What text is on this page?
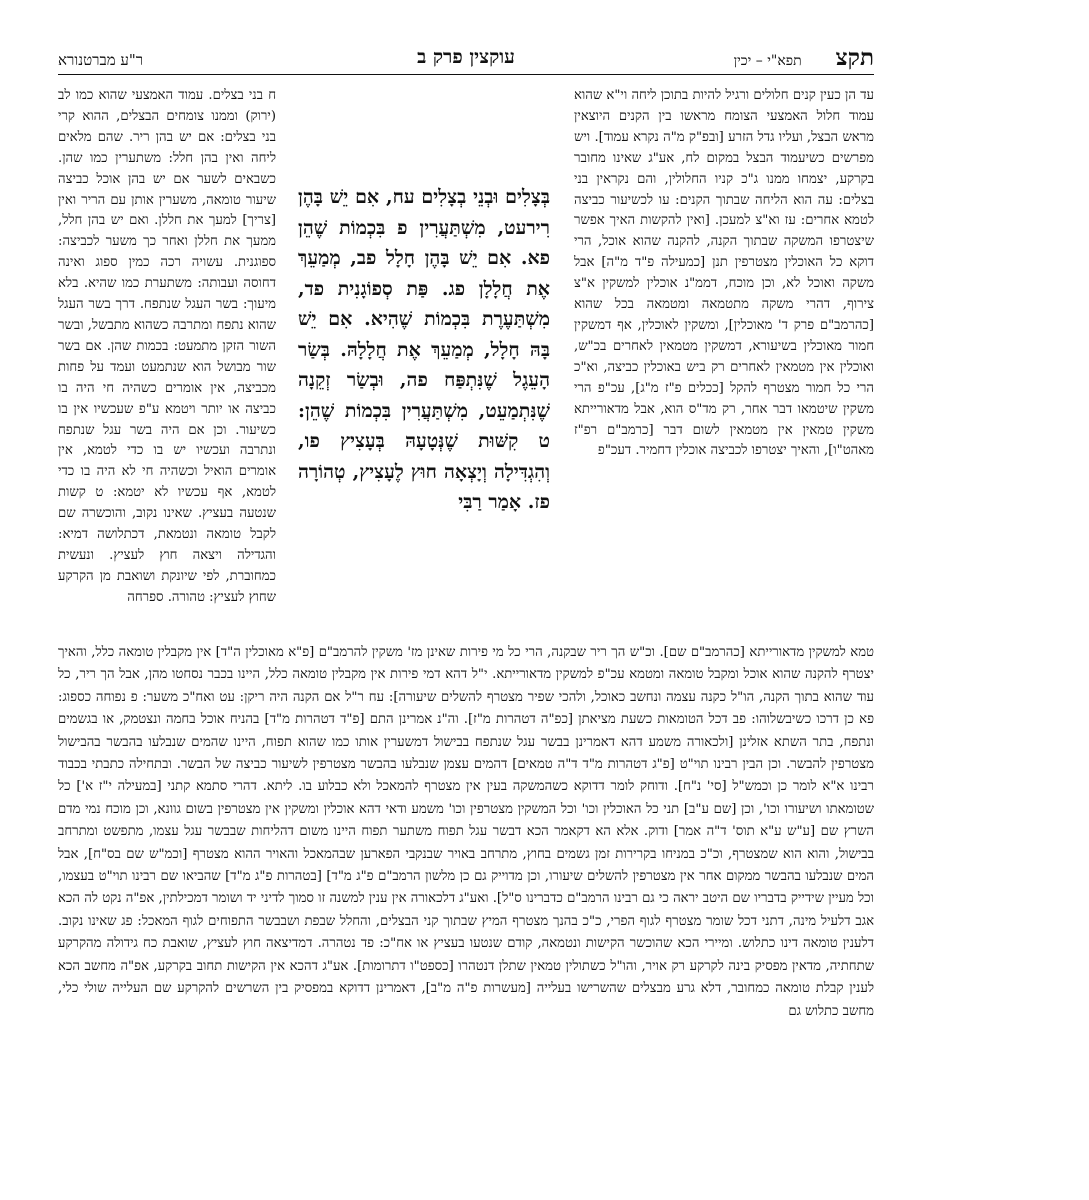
תקצ
תפא"י – יכין
עוקצין פרק ב
ר"ע מברטנורא

עד הן כעין קנים חלולים ורגיל להיות בתוכן ליחה וי"א שהוא עמוד חלול האמצעי הצומח מראשו בין הקנים היוצאין מראש הבצל, ועליו גדל הזרע [ובפ"ק מ"ה נקרא עמוד]. ויש מפרשים כשיעמוד הבצל במקום לח, אע"ג שאינו מחובר בקרקע, יצמחו ממנו ג"כ קניו החלולין, והם נקראין בני בצלים: עה הוא הליחה שבתוך הקנים: עו לכשיעור כביצה לטמא אחרים: עז וא"צ למעכן. [ואין להקשות האיך אפשר שיצטרפו המשקה שבתוך הקנה, להקנה שהוא אוכל, הרי דוקא כל האוכלין מצטרפין תנן [כמעילה פ"ד מ"ה] אבל משקה ואוכל לא, וכן מוכח, דממ"נ אוכלין למשקין א"צ צירוף, דהרי משקה מתטמאה ומטמאה בכל שהוא [כהרמב"ם פרק ד' מאוכלין], ומשקין לאוכלין, אף דמשקין חמור מאוכלין בשיעורא, דמשקין מטמאין לאחרים בכ"ש, ואוכלין אין מטמאין לאחרים רק ביש באוכלין כביצה, וא"כ הרי כל חמור מצטרף להקל [ככלים פ"ז מ"ג], עכ"פ הרי משקין שיטמאו דבר אחר, רק מד"ס הוא, אבל מדאורייתא משקין טמאין אין מטמאין לשום דבר [כרמב"ם רפ"ז מאהט"ו], והאיך יצטרפו לכביצה אוכלין דחמיר. דעכ"פ

בְּצָלִים וּבְנֵי בְצָלִים עח, אִם יֵשׁ בָּהֶן רִירעט, מִשְׁתַּעֲרִין פ בִּכְמוֹת שֶׁהֵן פא. אִם יֵשׁ בָּהֶן חָלָל פב, מְמַעֵךְ אֶת חֲלָלָן פג. פַּת סְפוֹגָנִית פד, מִשְׁתַּעֶרֶת בִּכְמוֹת שֶׁהִיא. אִם יֵשׁ בָּהּ חָלָל, מְמַעֵךְ אֶת חֲלָלָהּ. בְּשַׂר הָעֵגֶל שֶׁנִּתְפַּח פה, וּבְשַׂר זְקֵנָה שֶׁנִּתְמַעֵט, מִשְׁתַּעֲרִין בִּכְמוֹת שֶׁהֵן: ט קִשּׁוּת שֶׁנְּטָעָהּ בְּעָצִיץ פו, וְהִגְדִּילָה וְיָצְאָה חוּץ לֶעָצִיץ, טְהוֹרָה פז. אָמַר רַבִּי

ח בני בצלים. עמוד האמצעי שהוא כמו לב (ירוק) וממנו צומחים הבצלים, ההוא קרי בני בצלים: אם יש בהן ריר. שהם מלאים ליחה ואין בהן חלל: משתערין כמו שהן. כשבאים לשער אם יש בהן אוכל כביצה שיעור טומאה, משערין אותן עם הריר ואין [צריך] למעך את חללן. ואם יש בהן חלל, ממעך את חללן ואחר כך משער לכביצה: ספוגנית. עשויה רכה כמין ספוג ואינה דחוסה ועבותה: משתערת כמו שהיא. בלא מיעוך: בשר העגל שנתפח. דרך בשר העגל שהוא נתפח ומתרבה כשהוא מתבשל, ובשר השור הזקן מתמעט: בכמות שהן. אם בשר שור מבושל הוא שנתמעט ועמד על פחות מכביצה, אין אומרים כשהיה חי היה בו כביצה או יותר ויטמא ע"פ שעכשיו אין בו כשיעור. וכן אם היה בשר עגל שנתפח ונתרבה ועכשיו יש בו כדי לטמא, אין אומרים הואיל וכשהיה חי לא היה בו כדי לטמא, אף עכשיו לא יטמא: ט קשות שנטעה בעציץ. שאינו נקוב, והוכשרה שם לקבל טומאה ונטמאת, דכתלושה דמיא: והגדילה ויצאה חוץ לעציץ. ונעשית כמחוברת, לפי שיונקת ושואבת מן הקרקע שחוץ לעציץ: טהורה. ספרחה

טמא למשקין מדאורייתא [כהרמב"ם שם]. וכ"ש הך ריר שבקנה, הרי כל מי פירות שאינן מז' משקין להרמב"ם [פ"א מאוכלין ה"ד] אין מקבלין טומאה כלל, והאיך יצטרף להקנה שהוא אוכל ומקבל טומאה ומטמא עכ"פ למשקין מדאורייתא. י"ל דהא דמי פירות אין מקבלין טומאה כלל, היינו בכבר נסחטו מהן, אבל הך ריר, כל עוד שהוא בתוך הקנה, הו"ל כקנה עצמה ונחשב כאוכל, ולהכי שפיר מצטרף להשלים שיעורה]: עח ר"ל אם הקנה היה ריקן: עט ואח"כ משער: פ נפוחה כספוג: פא כן דרכו כשיבשלוהו: פב דכל הטומאות כשעת מציאתן [כפ"ה דטהרות מ"ז]. וה"נ אמרינן התם [פ"ד דטהרות מ"ד] בהניח אוכל בחמה ונצטמק, או בגשמים ונתפח, בתר השתא אזלינן [ולכאורה משמע דהא דאמרינן בבשר עגל שנתפח בבישול דמשערין אותו כמו שהוא תפוח, היינו שהמים שנבלעו בהבשר בהבישול מצטרפין להבשר. וכן הבין רבינו תוי"ט [פ"ג דטהרות מ"ד ד"ה טמאים] דהמים עצמן שנבלעו בהבשר מצטרפין לשיעור כביצה של הבשר. ובתחילה כתבתי בכבוד רבינו א"א לומר כן וכמש"ל [סי' נ"ח]. ודוחק לומר דדוקא כשהמשקה בעין אין מצטרף להמאכל ולא כבלוע בו. ליתא. דהרי סתמא קתני [במעילה י"ז א'] כל שטומאתו ושיעורו וכו', וכן [שם ע"ב] תני כל האוכלין וכו' וכל המשקין מצטרפין וכו' משמע ודאי דהא אוכלין ומשקין אין מצטרפין בשום גוונא, וכן מוכח נמי מדם השרץ שם [ע"ש ע"א תוס' ד"ה אמר] ודוק. אלא הא דקאמר הכא דבשר עגל תפוח משתער תפוח היינו משום דהליחות שבבשר עגל עצמו, מתפשט ומתרחב בבישול, והוא הוא שמצטרף, וכ"כ במניחו בקרירות זמן גשמים בחוץ, מתרחב באויר שבנקבי הפארען שבהמאכל והאויר ההוא מצטרף [וכמ"ש שם בס"ח], אבל המים שנבלעו בהבשר ממקום אחר אין מצטרפין להשלים שיעורו, וכן מדוייק גם כן מלשון הרמב"ם פ"ג מ"ד] [בטהרות פ"ג מ"ד] שהביאו שם רבינו תוי"ט בעצמו, וכל מעיין שידייק בדבריו שם היטב יראה כי גם רבינו הרמב"ם כדברינו ס"ל]. ואע"ג דלכאורה אין ענין למשנה זו סמוך לדיני יד ושומר דמכילתין, אפ"ה נקט לה הכא אגב דלעיל מינה, דתני דכל שומר מצטרף לגוף הפרי, כ"כ בהנך מצטרף המיץ שבתוך קני הבצלים, והחלל שבפת ושבבשר התפוחים לגוף המאכל: פג שאינו נקוב. דלענין טומאה דינו כתלוש. ומיירי הכא שהוכשר הקישות ונטמאה, קודם שנטעו בעציץ או אח"כ: פד נטהרה. דמדיצאה חוץ לעציץ, שואבת כח גידולה מהקרקע שתחתיה, מדאין מפסיק בינה לקרקע רק אויר, והו"ל כשתולין טמאין שתלן דנטהרו [כספט"ו דתרומות]. אע"ג דהכא אין הקישות תחוב בקרקע, אפ"ה מחשב הכא לענין קבלת טומאה כמחובר, דלא גרע מבצלים שהשרישו בעלייה [מעשרות פ"ה מ"ב], דאמרינן דדוקא במפסיק בין השרשים להקרקע שם העלייה שולי כלי, מחשב כתלוש גם
